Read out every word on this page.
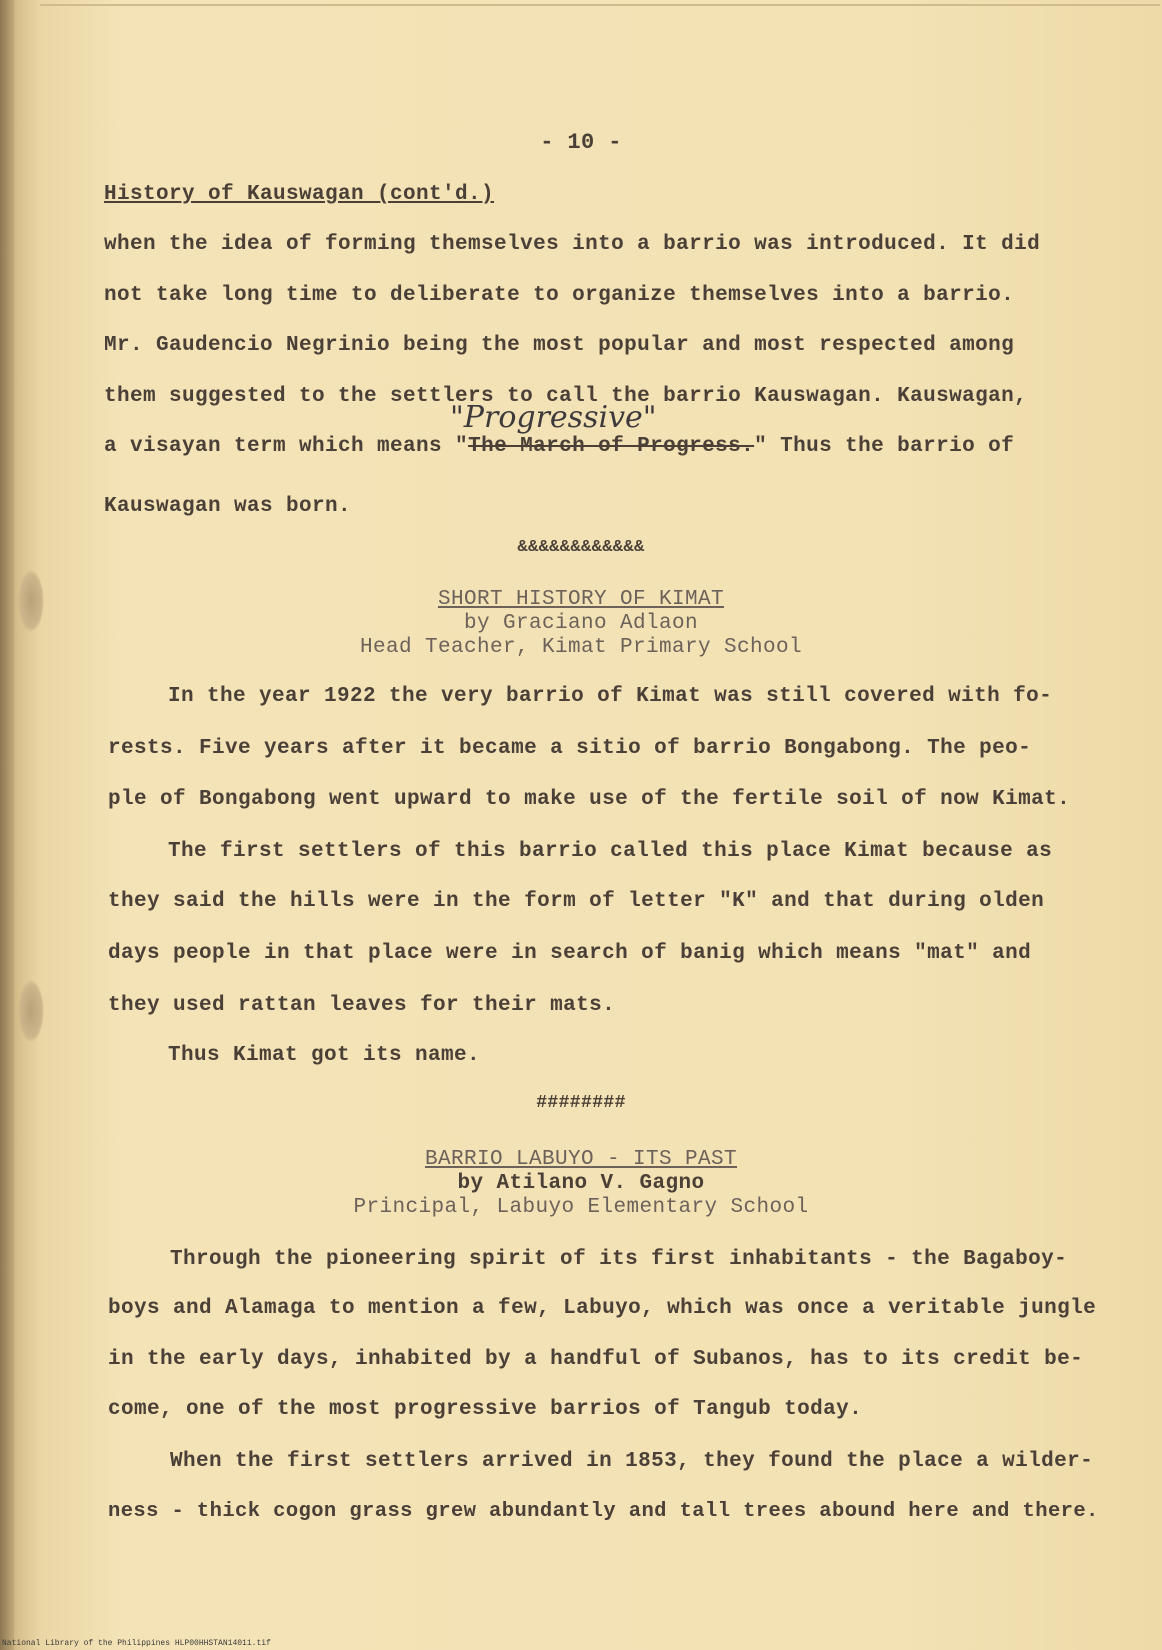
- 10 -
History of Kauswagan (cont'd.)
when the idea of forming themselves into a barrio was introduced. It did
not take long time to deliberate to organize themselves into a barrio.
Mr. Gaudencio Negrinio being the most popular and most respected among
them suggested to the settlers to call the barrio Kauswagan. Kauswagan,
a visayan term which means "The March of Progress." Thus the barrio of
"Progressive"
Kauswagan was born.
&&&&&&&&&&&&
SHORT HISTORY OF KIMAT
by Graciano Adlaon
Head Teacher, Kimat Primary School
In the year 1922 the very barrio of Kimat was still covered with fo-
rests. Five years after it became a sitio of barrio Bongabong. The peo-
ple of Bongabong went upward to make use of the fertile soil of now Kimat.
The first settlers of this barrio called this place Kimat because as
they said the hills were in the form of letter "K" and that during olden
days people in that place were in search of banig which means "mat" and
they used rattan leaves for their mats.
Thus Kimat got its name.
########
BARRIO LABUYO - ITS PAST
by Atilano V. Gagno
Principal, Labuyo Elementary School
Through the pioneering spirit of its first inhabitants - the Bagaboy-
boys and Alamaga to mention a few, Labuyo, which was once a veritable jungle
in the early days, inhabited by a handful of Subanos, has to its credit be-
come, one of the most progressive barrios of Tangub today.
When the first settlers arrived in 1853, they found the place a wilder-
ness - thick cogon grass grew abundantly and tall trees abound here and there.
National Library of the Philippines HLP00HHSTAN14011.tif
